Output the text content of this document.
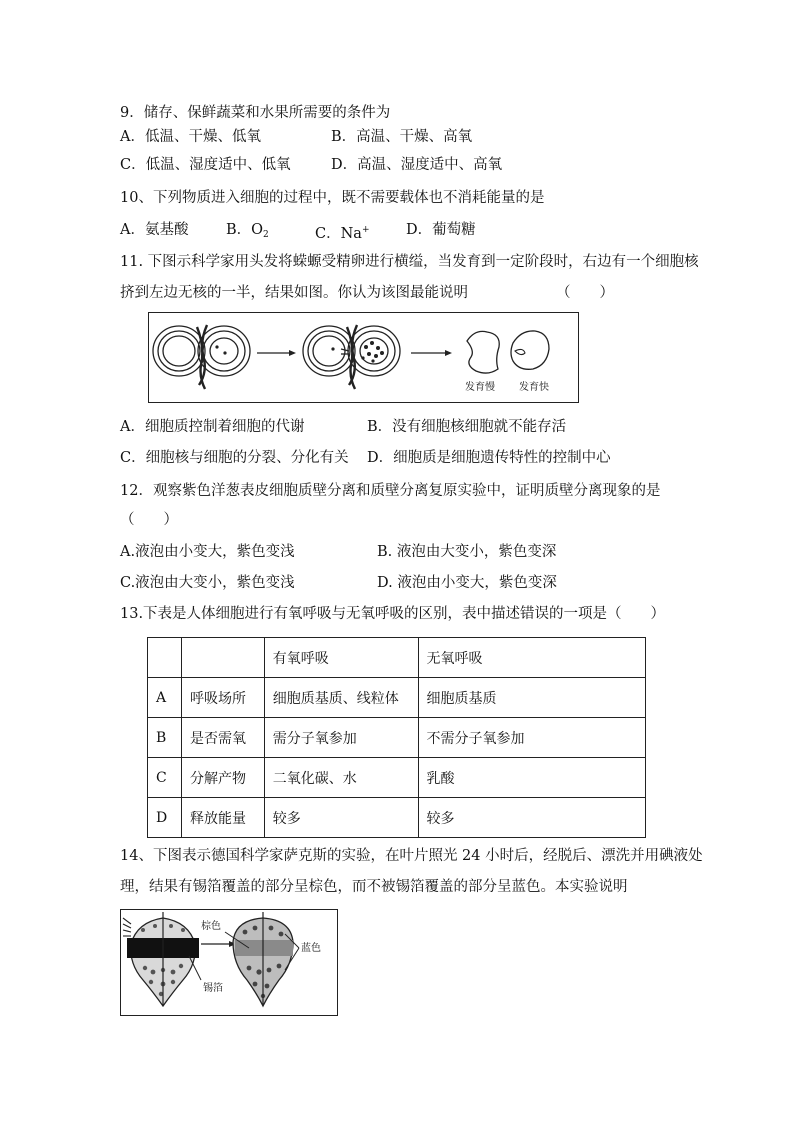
9．储存、保鲜蔬菜和水果所需要的条件为
A．低温、干燥、低氧	B．高温、干燥、高氧
C．低温、湿度适中、低氧	D．高温、湿度适中、高氧
10、下列物质进入细胞的过程中，既不需要载体也不消耗能量的是
A．氨基酸	B．$O_2$	C．Na+	D．葡萄糖
11. 下图示科学家用头发将蝾螈受精卵进行横缢，当发育到一定阶段时，右边有一个细胞核
挤到左边无核的一半，结果如图。你认为该图最能说明	（　　）
发育慢 发育快
A．细胞质控制着细胞的代谢	B．没有细胞核细胞就不能存活
C．细胞核与细胞的分裂、分化有关 D．细胞质是细胞遗传特性的控制中心
12．观察紫色洋葱表皮细胞质壁分离和质壁分离复原实验中，证明质壁分离现象的是
（　　）
A.液泡由小变大，紫色变浅	B. 液泡由大变小，紫色变深
C.液泡由大变小，紫色变浅	D. 液泡由小变大，紫色变深
13.下表是人体细胞进行有氧呼吸与无氧呼吸的区别，表中描述错误的一项是（　　）
		有氧呼吸	无氧呼吸
A	呼吸场所	细胞质基质、线粒体	细胞质基质
B	是否需氧	需分子氧参加	不需分子氧参加
C	分解产物	二氧化碳、水	乳酸
D	释放能量	较多	较多
14、下图表示德国科学家萨克斯的实验，在叶片照光 24 小时后，经脱后、漂洗并用碘液处
理，结果有锡箔覆盖的部分呈棕色，而不被锡箔覆盖的部分呈蓝色。本实验说明
棕色
蓝色
锡箔
